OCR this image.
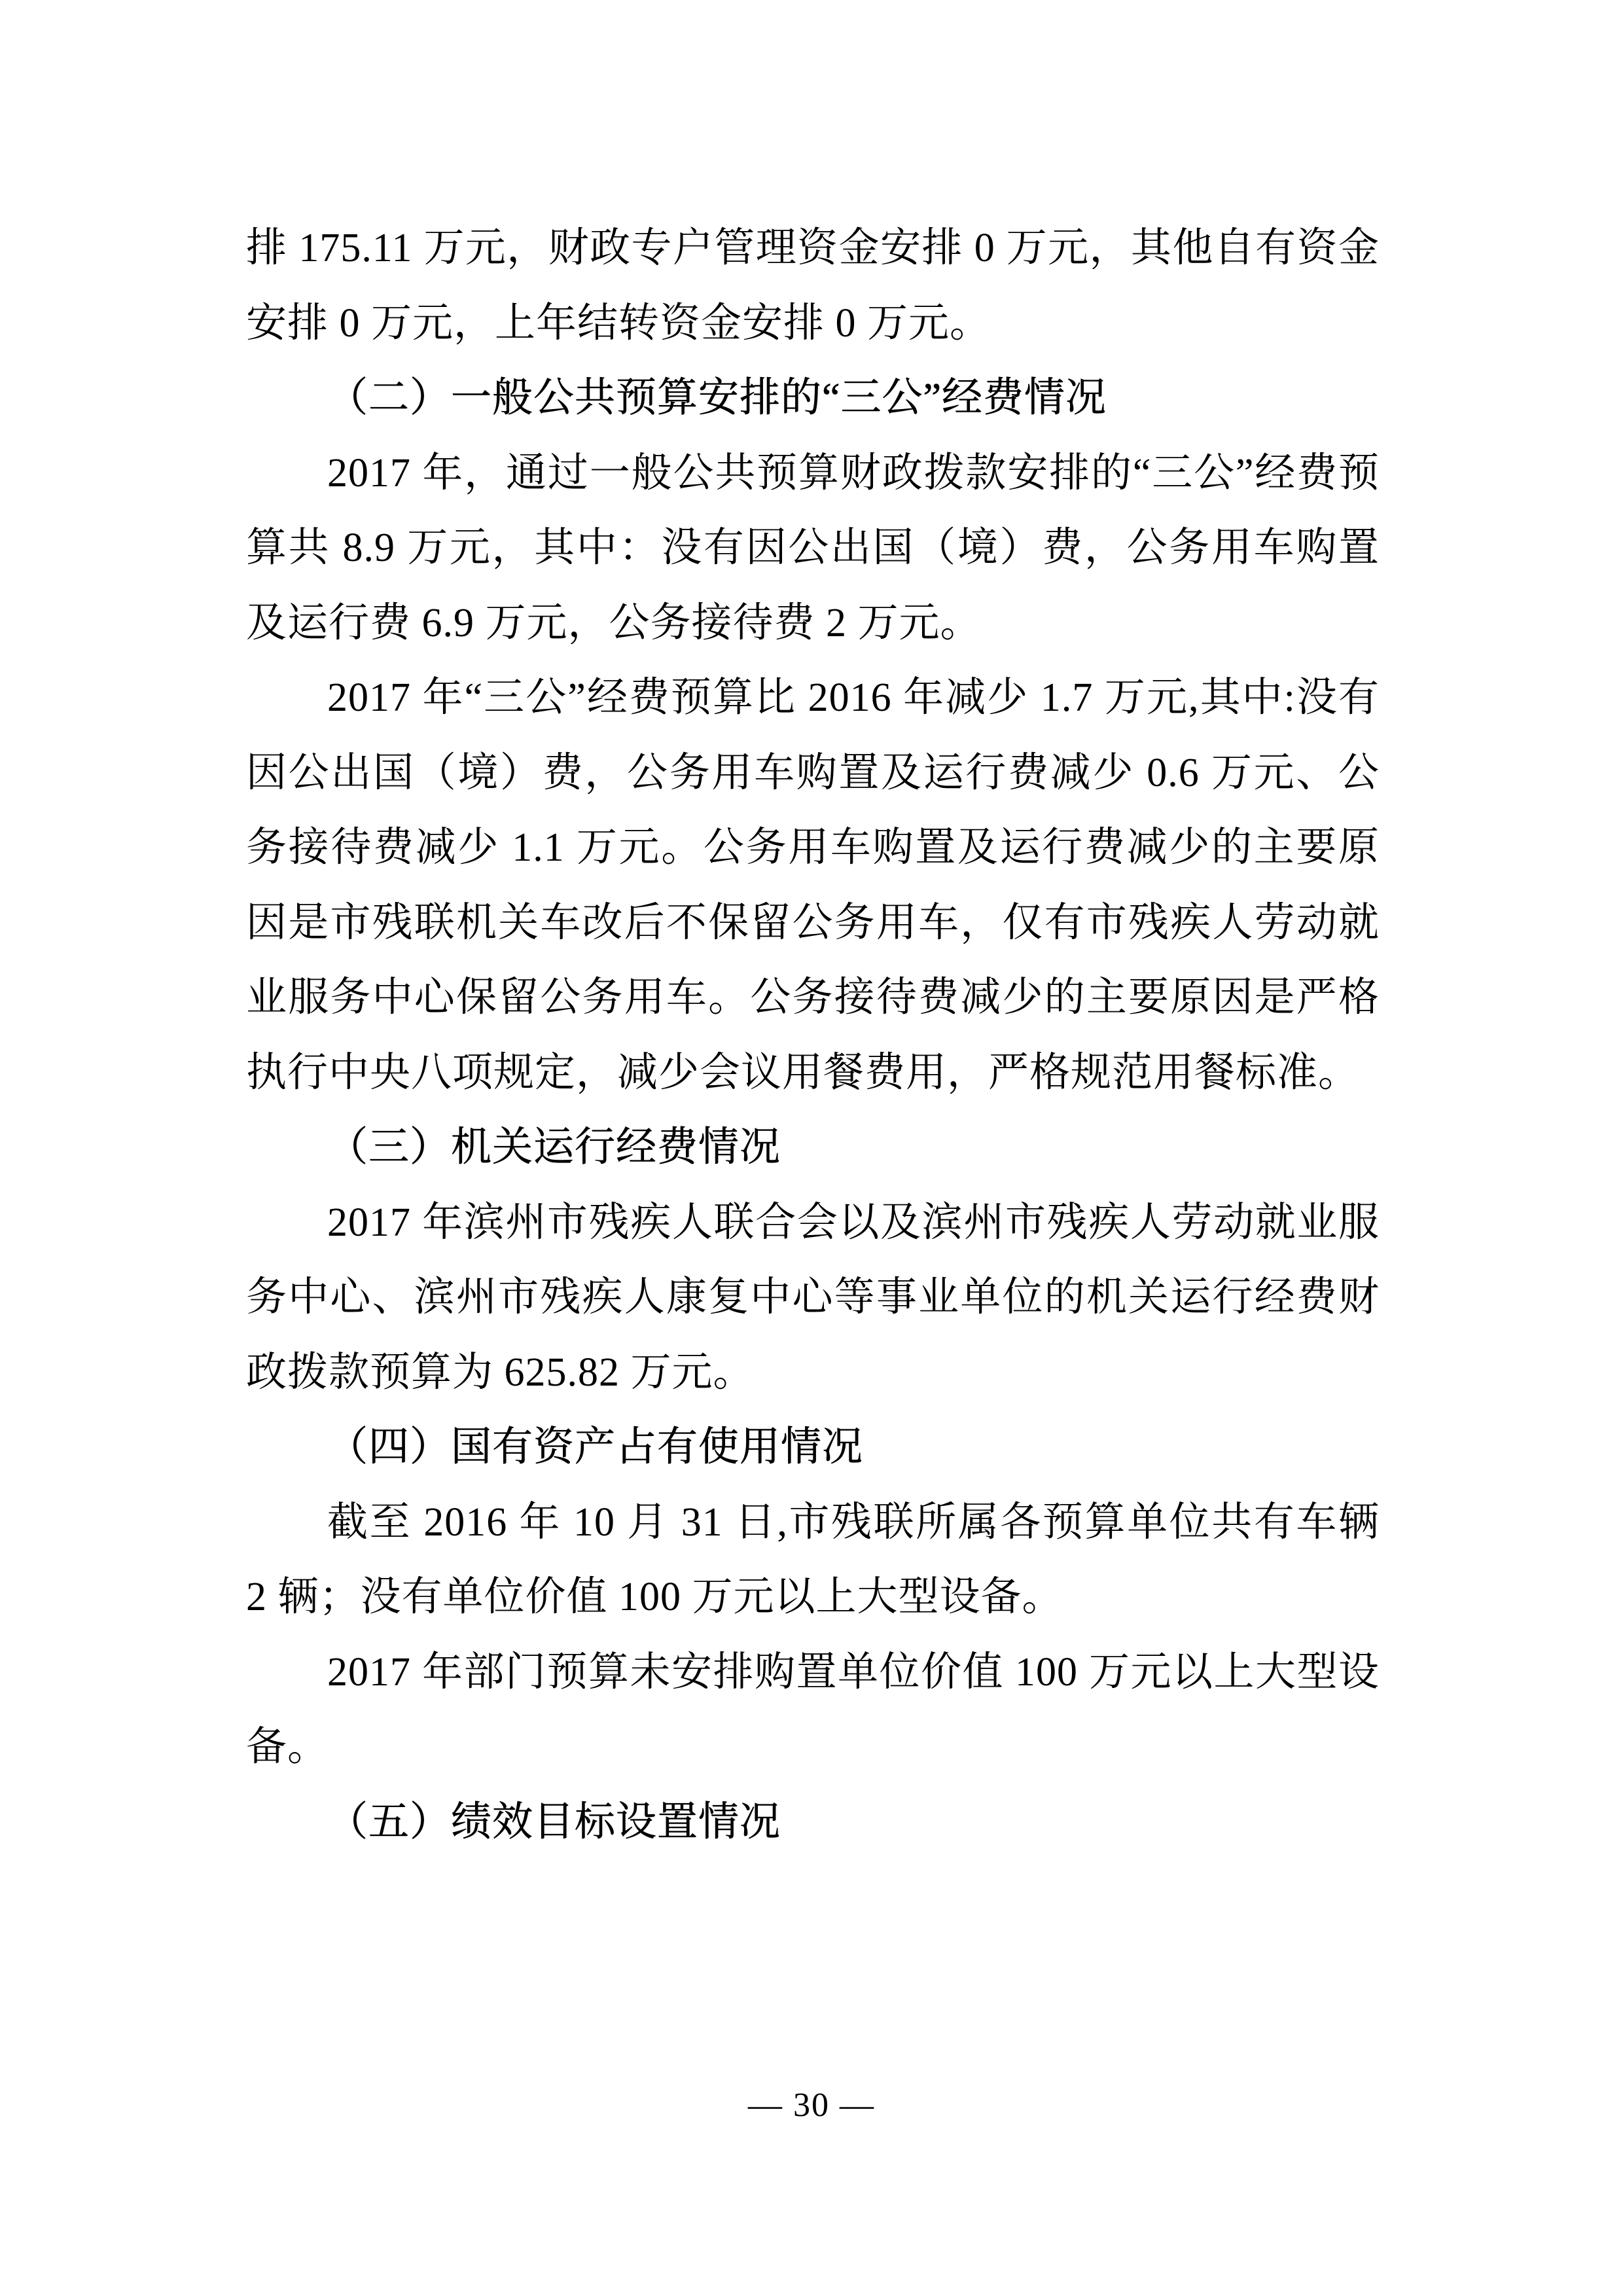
排 175.11 万元，财政专户管理资金安排 0 万元，其他自有资金安排 0 万元，上年结转资金安排 0 万元。

（二）一般公共预算安排的“三公”经费情况

2017 年，通过一般公共预算财政拨款安排的“三公”经费预算共 8.9 万元，其中：没有因公出国（境）费，公务用车购置及运行费 6.9 万元，公务接待费 2 万元。

2017 年“三公”经费预算比 2016 年减少 1.7 万元,其中:没有因公出国（境）费，公务用车购置及运行费减少 0.6 万元、公务接待费减少 1.1 万元。公务用车购置及运行费减少的主要原因是市残联机关车改后不保留公务用车，仅有市残疾人劳动就业服务中心保留公务用车。公务接待费减少的主要原因是严格执行中央八项规定，减少会议用餐费用，严格规范用餐标准。

（三）机关运行经费情况

2017 年滨州市残疾人联合会以及滨州市残疾人劳动就业服务中心、滨州市残疾人康复中心等事业单位的机关运行经费财政拨款预算为 625.82 万元。

（四）国有资产占有使用情况

截至 2016 年 10 月 31 日,市残联所属各预算单位共有车辆 2 辆；没有单位价值 100 万元以上大型设备。

2017 年部门预算未安排购置单位价值 100 万元以上大型设备。

（五）绩效目标设置情况

— 30 —
